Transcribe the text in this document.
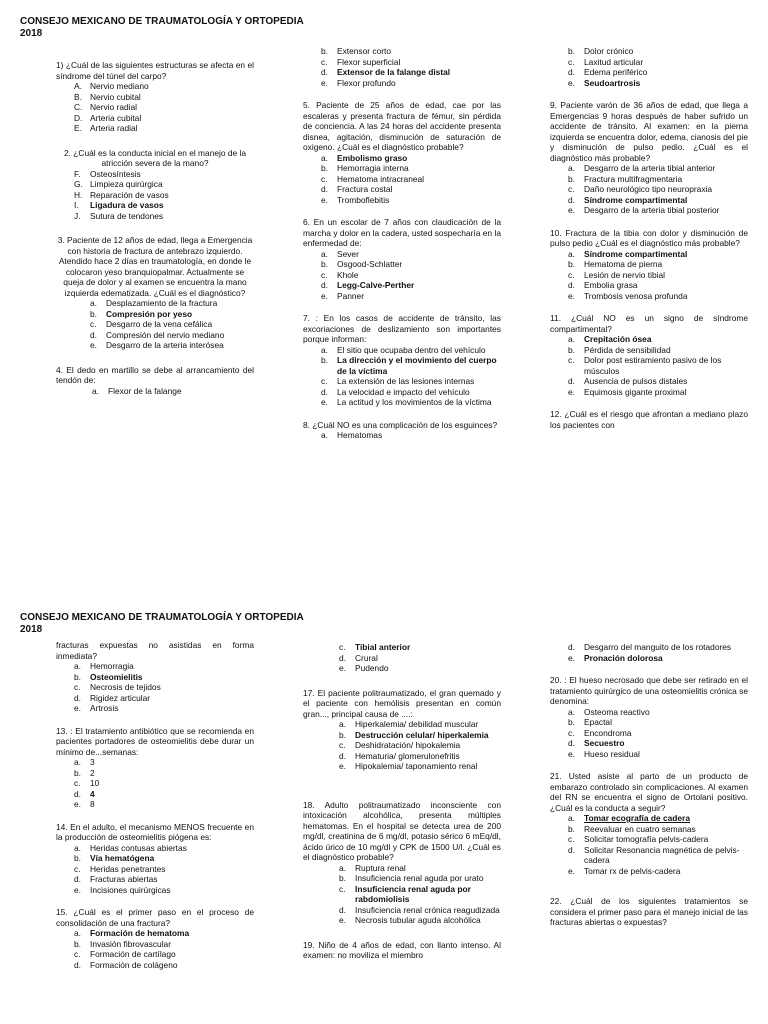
CONSEJO MEXICANO DE TRAUMATOLOGÍA Y ORTOPEDIA
2018
CONSEJO MEXICANO DE TRAUMATOLOGÍA Y ORTOPEDIA
2018
1) ¿Cuál de las siguientes estructuras se afecta en el síndrome del túnel del carpo?
A. Nervio mediano
B. Nervio cubital
C. Nervio radial
D. Arteria cubital
E. Arteria radial
2. ¿Cuál es la conducta inicial en el manejo de la atricción severa de la mano?
F.	Osteosíntesis
G. Limpieza quirúrgica
H. Reparación de vasos
I.	Ligadura de vasos
J.	Sutura de tendones
3. Paciente de 12 años de edad, llega a Emergencia con historia de fractura de antebrazo izquierdo. Atendido hace 2 días en traumatología, en donde le colocaron yeso branquiopalmar. Actualmente se queja de dolor y al examen se encuentra la mano izquierda edematizada. ¿Cuál es el diagnóstico?
a.	Desplazamiento de la fractura
b.	Compresión por yeso
c.	Desgarro de la vena cefálica
d.	Compresión del nervio mediano
e.	Desgarro de la arteria interósea
4. El dedo en martillo se debe al arrancamiento del tendón de:
a.	Flexor de la falange
b.	Extensor corto
c.	Flexor superficial
d.	Extensor de la falange distal
e.	Flexor profundo
5. Paciente de 25 años de edad, cae por las escaleras y presenta fractura de fémur, sin pérdida de conciencia. A las 24 horas del accidente presenta disnea, agitación, disminución de saturación de oxigeno. ¿Cuál es el diagnóstico probable?
a.	Embolismo graso
b.	Hemorragia interna
c.	Hematoma intracraneal
d.	Fractura costal
e.	Tromboflebitis
6. En un escolar de 7 años con claudicación de la marcha y dolor en la cadera, usted sospecharía en la enfermedad de:
a.	Sever
b.	Osgood-Schlatter
c.	Khole
d.	Legg-Calve-Perther
e.	Panner
7. : En los casos de accidente de tránsito, las excoriaciones de deslizamiento son importantes porque informan:
a.	El sitio que ocupaba dentro del vehículo
b.	La dirección y el movimiento del cuerpo de la víctima
c.	La extensión de las lesiones internas
d.	La velocidad e impacto del vehículo
e.	La actitud y los movimientos de la víctima
8. ¿Cuál NO es una complicación de los esguinces?
a.	Hematomas
b.	Dolor crónico
c.	Laxitud articular
d.	Edema periférico
e.	Seudoartrosis
9. Paciente varón de 36 años de edad, que llega a Emergencias 9 horas después de haber sufrido un accidente de tránsito. Al examen: en la pierna izquierda se encuentra dolor, edema, cianosis del pie y disminución de pulso pedio. ¿Cuál es el diagnóstico más probable?
a.	Desgarro de la arteria tibial anterior
b.	Fractura multifragmentaria
c.	Daño neurológico tipo neuropraxia
d.	Síndrome compartimental
e.	Desgarro de la arteria tibial posterior
10. Fractura de la tibia con dolor y disminución de pulso pedio ¿Cuál es el diagnóstico más probable?
a.	Síndrome compartimental
b.	Hematoma de pierna
c.	Lesión de nervio tibial
d.	Embolia grasa
e.	Trombosis venosa profunda
11. ¿Cuál NO es un signo de síndrome compartimental?
a.	Crepitación ósea
b.	Pérdida de sensibilidad
c.	Dolor post estiramiento pasivo de los músculos
d.	Ausencia de pulsos distales
e.	Equimosis gigante proximal
12. ¿Cuál es el riesgo que afrontan a mediano plazo los pacientes con
fracturas expuestas no asistidas en forma inmediata?
a.	Hemorragia
b.	Osteomielitis
c.	Necrosis de tejidos
d.	Rigidez articular
e.	Artrosis
13. : El tratamiento antibiótico que se recomienda en pacientes portadores de osteomielitis debe durar un mínimo de...semanas:
a.	3
b.	2
c.	10
d.	4
e.	8
14. En el adulto, el mecanismo MENOS frecuente en la producción de osteomielitis piógena es:
a.	Heridas contusas abiertas
b.	Vía hematógena
c.	Heridas penetrantes
d.	Fracturas abiertas
e.	Incisiones quirúrgicas
15. ¿Cuál es el primer paso en el proceso de consolidación de una fractura?
a.	Formación de hematoma
b.	Invasión fibrovascular
c.	Formación de cartílago
d.	Formación de colágeno
c.	Tibial anterior
d.	Crural
e.	Pudendo
17. El paciente politraumatizado, el gran quemado y el paciente con hemólisis presentan en común gran..., principal causa de ....:
a.	Hiperkalemia/ debilidad muscular
b.	Destrucción celular/ hiperkalemia
c.	Deshidratación/ hipokalemia
d.	Hematuria/ glomerulonefritis
e.	Hipokalemia/ taponamiento renal
18. Adulto politraumatizado inconsciente con intoxicación alcohólica, presenta múltiples hematomas. En el hospital se detecta urea de 200 mg/dl, creatinina de 6 mg/dl, potasio sérico 6 mEq/dl, ácido úrico de 10 mg/dl y CPK de 1500 U/l. ¿Cuál es el diagnóstico probable?
a.	Ruptura renal
b.	Insuficiencia renal aguda por urato
c.	Insuficiencia renal aguda por rabdomiolisis
d.	Insuficiencia renal crónica reagudizada
e.	Necrosis tubular aguda alcohólica
19. Niño de 4 años de edad, con llanto intenso. Al examen: no moviliza el miembro
d.	Desgarro del manguito de los rotadores
e.	Pronación dolorosa
20. : El hueso necrosado que debe ser retirado en el tratamiento quirúrgico de una osteomielitis crónica se denomina:
a.	Osteoma reactivo
b.	Epactal
c.	Encondroma
d.	Secuestro
e.	Hueso residual
21. Usted asiste al parto de un producto de embarazo controlado sin complicaciones. Al examen del RN se encuentra el signo de Ortolani positivo. ¿Cuál es la conducta a seguir?
a.	Tomar ecografía de cadera
b.	Reevaluar en cuatro semanas
c.	Solicitar tomografía pelvis-cadera
d.	Solicitar Resonancia magnética de pelvis-cadera
e.	Tomar rx de pelvis-cadera
22. ¿Cuál de los siguientes tratamientos se considera el primer paso para el manejo inicial de las fracturas abiertas o expuestas?
